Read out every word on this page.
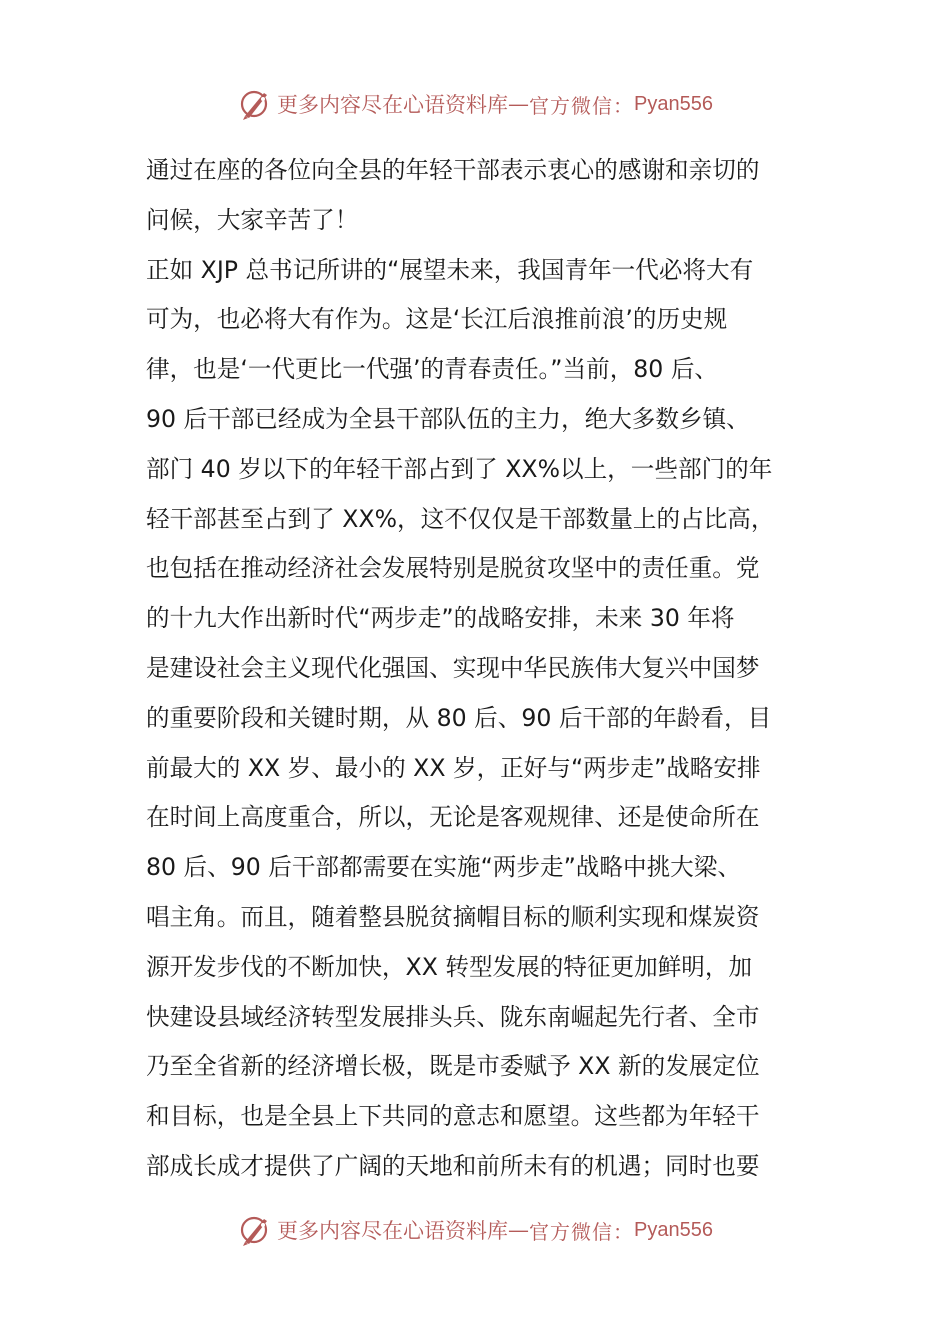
更多内容尽在心语资料库 — 官方微信： Pyan556
通过在座的各位向全县的年轻干部表示衷心的感谢和亲切的
问候，大家辛苦了！
正如 XJP 总书记所讲的“展望未来，我国青年一代必将大有
可为，也必将大有作为。这是‘长江后浪推前浪’的历史规
律，也是‘一代更比一代强’的青春责任。”当前，80 后、
90 后干部已经成为全县干部队伍的主力，绝大多数乡镇、
部门 40 岁以下的年轻干部占到了 XX%以上，一些部门的年
轻干部甚至占到了 XX%，这不仅仅是干部数量上的占比高，
也包括在推动经济社会发展特别是脱贫攻坚中的责任重。党
的十九大作出新时代“两步走”的战略安排，未来 30 年将
是建设社会主义现代化强国、实现中华民族伟大复兴中国梦
的重要阶段和关键时期，从 80 后、90 后干部的年龄看，目
前最大的 XX 岁、最小的 XX 岁，正好与“两步走”战略安排
在时间上高度重合，所以，无论是客观规律、还是使命所在
80 后、90 后干部都需要在实施“两步走”战略中挑大梁、
唱主角。而且，随着整县脱贫摘帽目标的顺利实现和煤炭资
源开发步伐的不断加快，XX 转型发展的特征更加鲜明，加
快建设县域经济转型发展排头兵、陇东南崛起先行者、全市
乃至全省新的经济增长极，既是市委赋予 XX 新的发展定位
和目标，也是全县上下共同的意志和愿望。这些都为年轻干
部成长成才提供了广阔的天地和前所未有的机遇；同时也要
更多内容尽在心语资料库 — 官方微信： Pyan556
